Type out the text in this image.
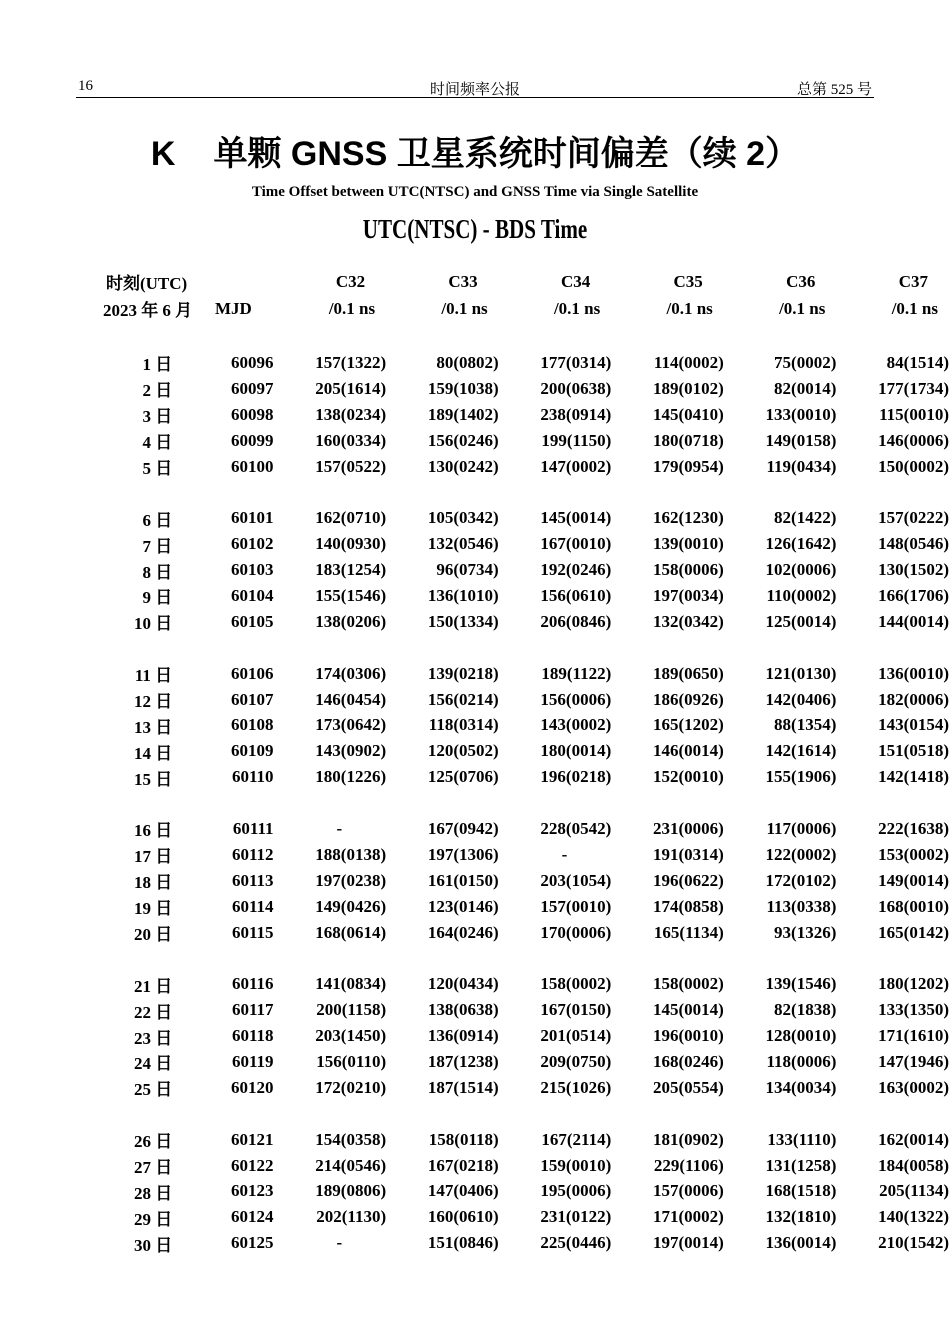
16	时间频率公报	总第 525 号
K 单颗 GNSS 卫星系统时间偏差（续 2）
Time Offset between UTC(NTSC) and GNSS Time via Single Satellite
UTC(NTSC) - BDS Time
时刻(UTC)		C32	C33	C34	C35	C36	C37
2023 年 6 月	MJD	/0.1 ns	/0.1 ns	/0.1 ns	/0.1 ns	/0.1 ns	/0.1 ns

1 日	60096	157(1322)	80(0802)	177(0314)	114(0002)	75(0002)	84(1514)
2 日	60097	205(1614)	159(1038)	200(0638)	189(0102)	82(0014)	177(1734)
3 日	60098	138(0234)	189(1402)	238(0914)	145(0410)	133(0010)	115(0010)
4 日	60099	160(0334)	156(0246)	199(1150)	180(0718)	149(0158)	146(0006)
5 日	60100	157(0522)	130(0242)	147(0002)	179(0954)	119(0434)	150(0002)

6 日	60101	162(0710)	105(0342)	145(0014)	162(1230)	82(1422)	157(0222)
7 日	60102	140(0930)	132(0546)	167(0010)	139(0010)	126(1642)	148(0546)
8 日	60103	183(1254)	96(0734)	192(0246)	158(0006)	102(0006)	130(1502)
9 日	60104	155(1546)	136(1010)	156(0610)	197(0034)	110(0002)	166(1706)
10 日	60105	138(0206)	150(1334)	206(0846)	132(0342)	125(0014)	144(0014)

11 日	60106	174(0306)	139(0218)	189(1122)	189(0650)	121(0130)	136(0010)
12 日	60107	146(0454)	156(0214)	156(0006)	186(0926)	142(0406)	182(0006)
13 日	60108	173(0642)	118(0314)	143(0002)	165(1202)	88(1354)	143(0154)
14 日	60109	143(0902)	120(0502)	180(0014)	146(0014)	142(1614)	151(0518)
15 日	60110	180(1226)	125(0706)	196(0218)	152(0010)	155(1906)	142(1418)

16 日	60111	-	167(0942)	228(0542)	231(0006)	117(0006)	222(1638)
17 日	60112	188(0138)	197(1306)	-	191(0314)	122(0002)	153(0002)
18 日	60113	197(0238)	161(0150)	203(1054)	196(0622)	172(0102)	149(0014)
19 日	60114	149(0426)	123(0146)	157(0010)	174(0858)	113(0338)	168(0010)
20 日	60115	168(0614)	164(0246)	170(0006)	165(1134)	93(1326)	165(0142)

21 日	60116	141(0834)	120(0434)	158(0002)	158(0002)	139(1546)	180(1202)
22 日	60117	200(1158)	138(0638)	167(0150)	145(0014)	82(1838)	133(1350)
23 日	60118	203(1450)	136(0914)	201(0514)	196(0010)	128(0010)	171(1610)
24 日	60119	156(0110)	187(1238)	209(0750)	168(0246)	118(0006)	147(1946)
25 日	60120	172(0210)	187(1514)	215(1026)	205(0554)	134(0034)	163(0002)

26 日	60121	154(0358)	158(0118)	167(2114)	181(0902)	133(1110)	162(0014)
27 日	60122	214(0546)	167(0218)	159(0010)	229(1106)	131(1258)	184(0058)
28 日	60123	189(0806)	147(0406)	195(0006)	157(0006)	168(1518)	205(1134)
29 日	60124	202(1130)	160(0610)	231(0122)	171(0002)	132(1810)	140(1322)
30 日	60125	-	151(0846)	225(0446)	197(0014)	136(0014)	210(1542)
